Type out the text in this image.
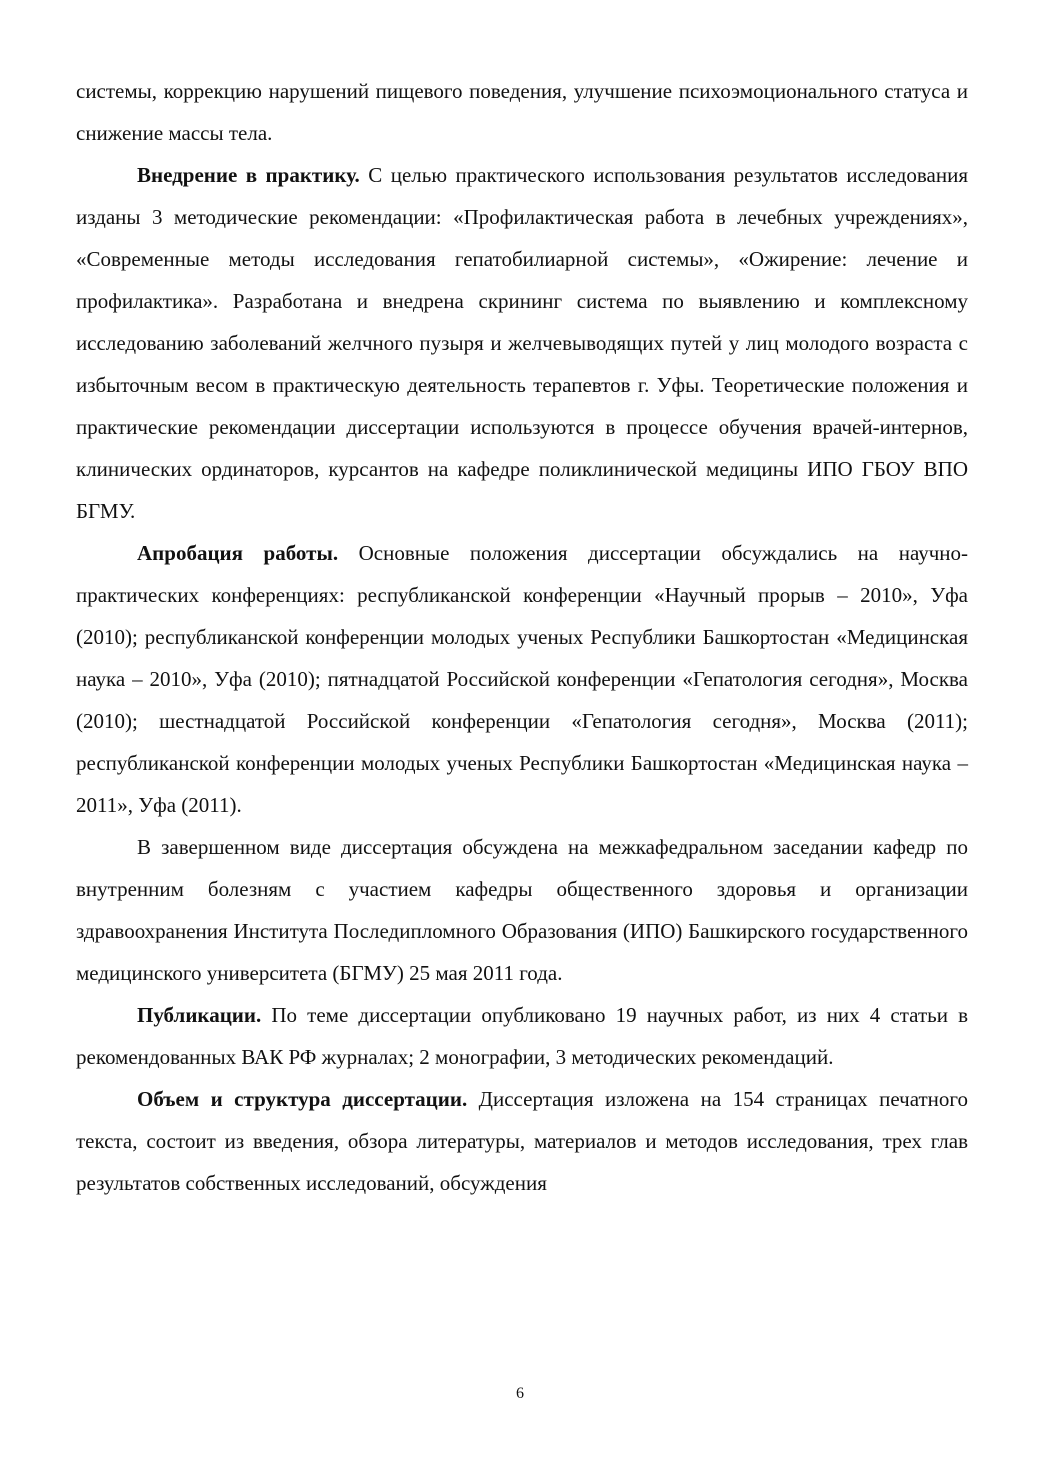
системы, коррекцию нарушений пищевого поведения, улучшение психоэмоционального статуса и снижение массы тела.

Внедрение в практику. С целью практического использования результатов исследования изданы 3 методические рекомендации: «Профилактическая работа в лечебных учреждениях», «Современные методы исследования гепатобилиарной системы», «Ожирение: лечение и профилактика». Разработана и внедрена скрининг система по выявлению и комплексному исследованию заболеваний желчного пузыря и желчевыводящих путей у лиц молодого возраста с избыточным весом в практическую деятельность терапевтов г. Уфы. Теоретические положения и практические рекомендации диссертации используются в процессе обучения врачей-интернов, клинических ординаторов, курсантов на кафедре поликлинической медицины ИПО ГБОУ ВПО БГМУ.

Апробация работы. Основные положения диссертации обсуждались на научно-практических конференциях: республиканской конференции «Научный прорыв – 2010», Уфа (2010); республиканской конференции молодых ученых Республики Башкортостан «Медицинская наука – 2010», Уфа (2010); пятнадцатой Российской конференции «Гепатология сегодня», Москва (2010); шестнадцатой Российской конференции «Гепатология сегодня», Москва (2011); республиканской конференции молодых ученых Республики Башкортостан «Медицинская наука – 2011», Уфа (2011).

В завершенном виде диссертация обсуждена на межкафедральном заседании кафедр по внутренним болезням с участием кафедры общественного здоровья и организации здравоохранения Института Последипломного Образования (ИПО) Башкирского государственного медицинского университета (БГМУ) 25 мая 2011 года.

Публикации. По теме диссертации опубликовано 19 научных работ, из них 4 статьи в рекомендованных ВАК РФ журналах; 2 монографии, 3 методических рекомендаций.

Объем и структура диссертации. Диссертация изложена на 154 страницах печатного текста, состоит из введения, обзора литературы, материалов и методов исследования, трех глав результатов собственных исследований, обсуждения

6
